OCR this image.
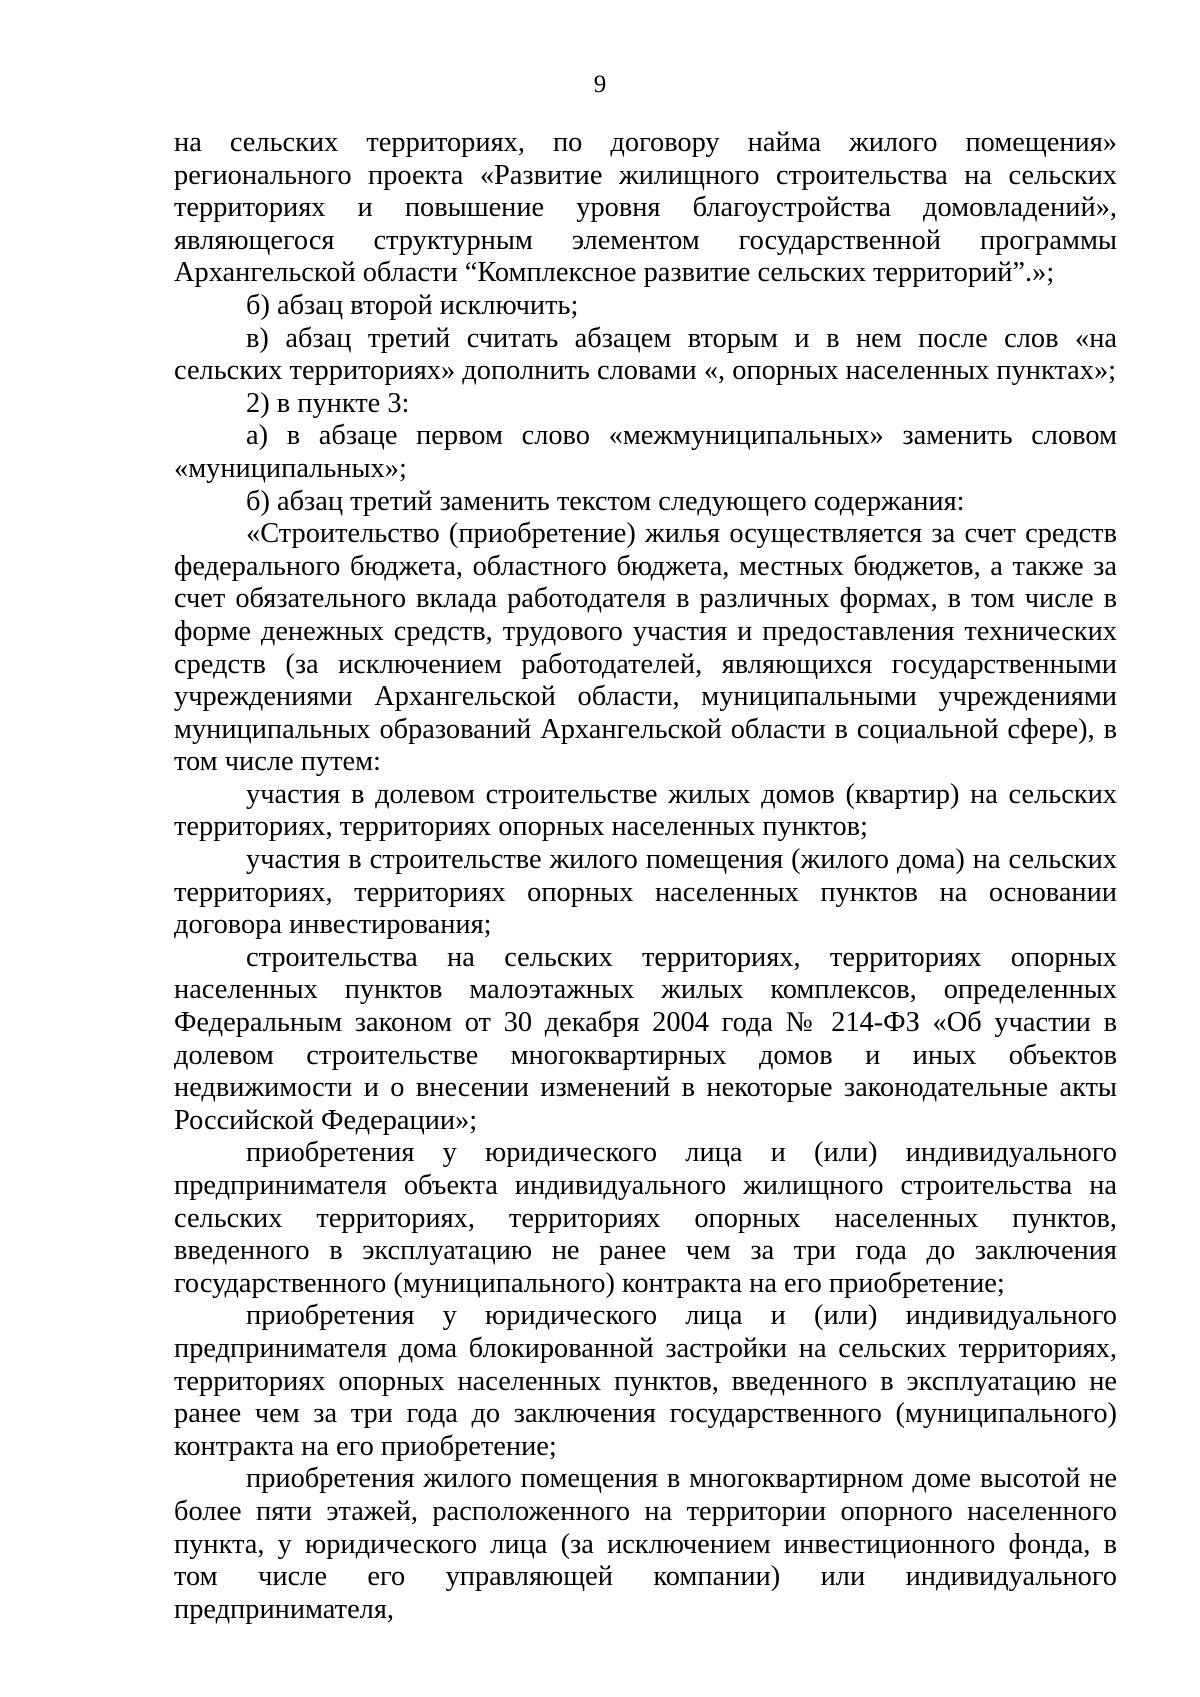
9

на сельских территориях, по договору найма жилого помещения» регионального проекта «Развитие жилищного строительства на сельских территориях и повышение уровня благоустройства домовладений», являющегося структурным элементом государственной программы Архангельской области “Комплексное развитие сельских территорий”.»;

б) абзац второй исключить;

в) абзац третий считать абзацем вторым и в нем после слов «на сельских территориях» дополнить словами «, опорных населенных пунктах»;

2) в пункте 3:

а) в абзаце первом слово «межмуниципальных» заменить словом «муниципальных»;

б) абзац третий заменить текстом следующего содержания:

«Строительство (приобретение) жилья осуществляется за счет средств федерального бюджета, областного бюджета, местных бюджетов, а также за счет обязательного вклада работодателя в различных формах, в том числе в форме денежных средств, трудового участия и предоставления технических средств (за исключением работодателей, являющихся государственными учреждениями Архангельской области, муниципальными учреждениями муниципальных образований Архангельской области в социальной сфере), в том числе путем:

участия в долевом строительстве жилых домов (квартир) на сельских территориях, территориях опорных населенных пунктов;

участия в строительстве жилого помещения (жилого дома) на сельских территориях, территориях опорных населенных пунктов на основании договора инвестирования;

строительства на сельских территориях, территориях опорных населенных пунктов малоэтажных жилых комплексов, определенных Федеральным законом от 30 декабря 2004 года № 214-ФЗ «Об участии в долевом строительстве многоквартирных домов и иных объектов недвижимости и о внесении изменений в некоторые законодательные акты Российской Федерации»;

приобретения у юридического лица и (или) индивидуального предпринимателя объекта индивидуального жилищного строительства на сельских территориях, территориях опорных населенных пунктов, введенного в эксплуатацию не ранее чем за три года до заключения государственного (муниципального) контракта на его приобретение;

приобретения у юридического лица и (или) индивидуального предпринимателя дома блокированной застройки на сельских территориях, территориях опорных населенных пунктов, введенного в эксплуатацию не ранее чем за три года до заключения государственного (муниципального) контракта на его приобретение;

приобретения жилого помещения в многоквартирном доме высотой не более пяти этажей, расположенного на территории опорного населенного пункта, у юридического лица (за исключением инвестиционного фонда, в том числе его управляющей компании) или индивидуального предпринимателя,
